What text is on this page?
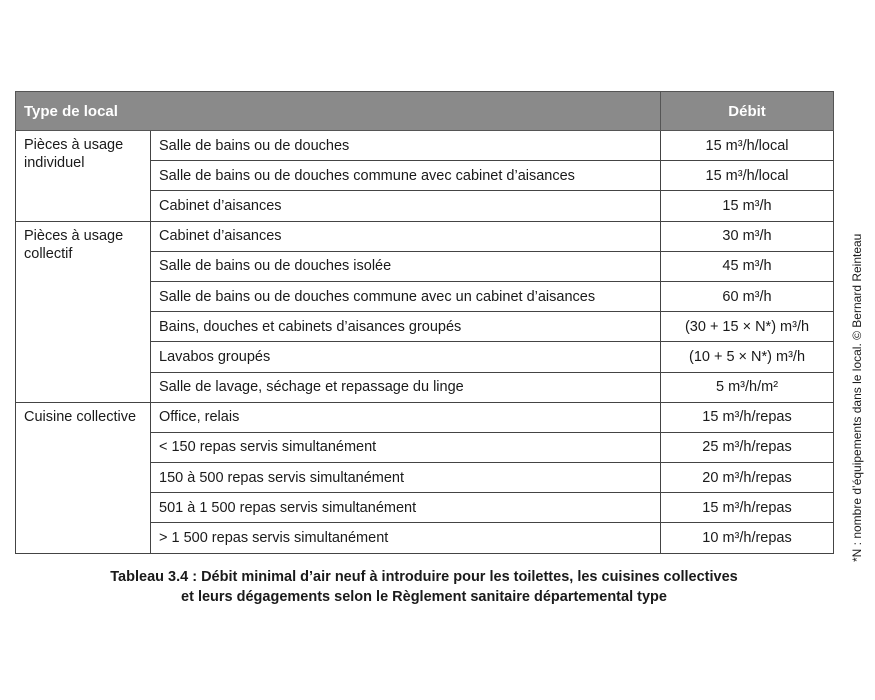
Type de local		Débit
Pièces à usage individuel	Salle de bains ou de douches	15 m³/h/local
	Salle de bains ou de douches commune avec cabinet d’aisances	15 m³/h/local
	Cabinet d’aisances	15 m³/h
Pièces à usage collectif	Cabinet d’aisances	30 m³/h
	Salle de bains ou de douches isolée	45 m³/h
	Salle de bains ou de douches commune avec un cabinet d’aisances	60 m³/h
	Bains, douches et cabinets d’aisances groupés	(30 + 15 × N*) m³/h
	Lavabos groupés	(10 + 5 × N*) m³/h
	Salle de lavage, séchage et repassage du linge	5 m³/h/m²
Cuisine collective	Office, relais	15 m³/h/repas
	< 150 repas servis simultanément	25 m³/h/repas
	150 à 500 repas servis simultanément	20 m³/h/repas
	501 à 1 500 repas servis simultanément	15 m³/h/repas
	> 1 500 repas servis simultanément	10 m³/h/repas
Tableau 3.4 : Débit minimal d’air neuf à introduire pour les toilettes, les cuisines collectives
et leurs dégagements selon le Règlement sanitaire départemental type
*N : nombre d’équipements dans le local. © Bernard Reinteau
